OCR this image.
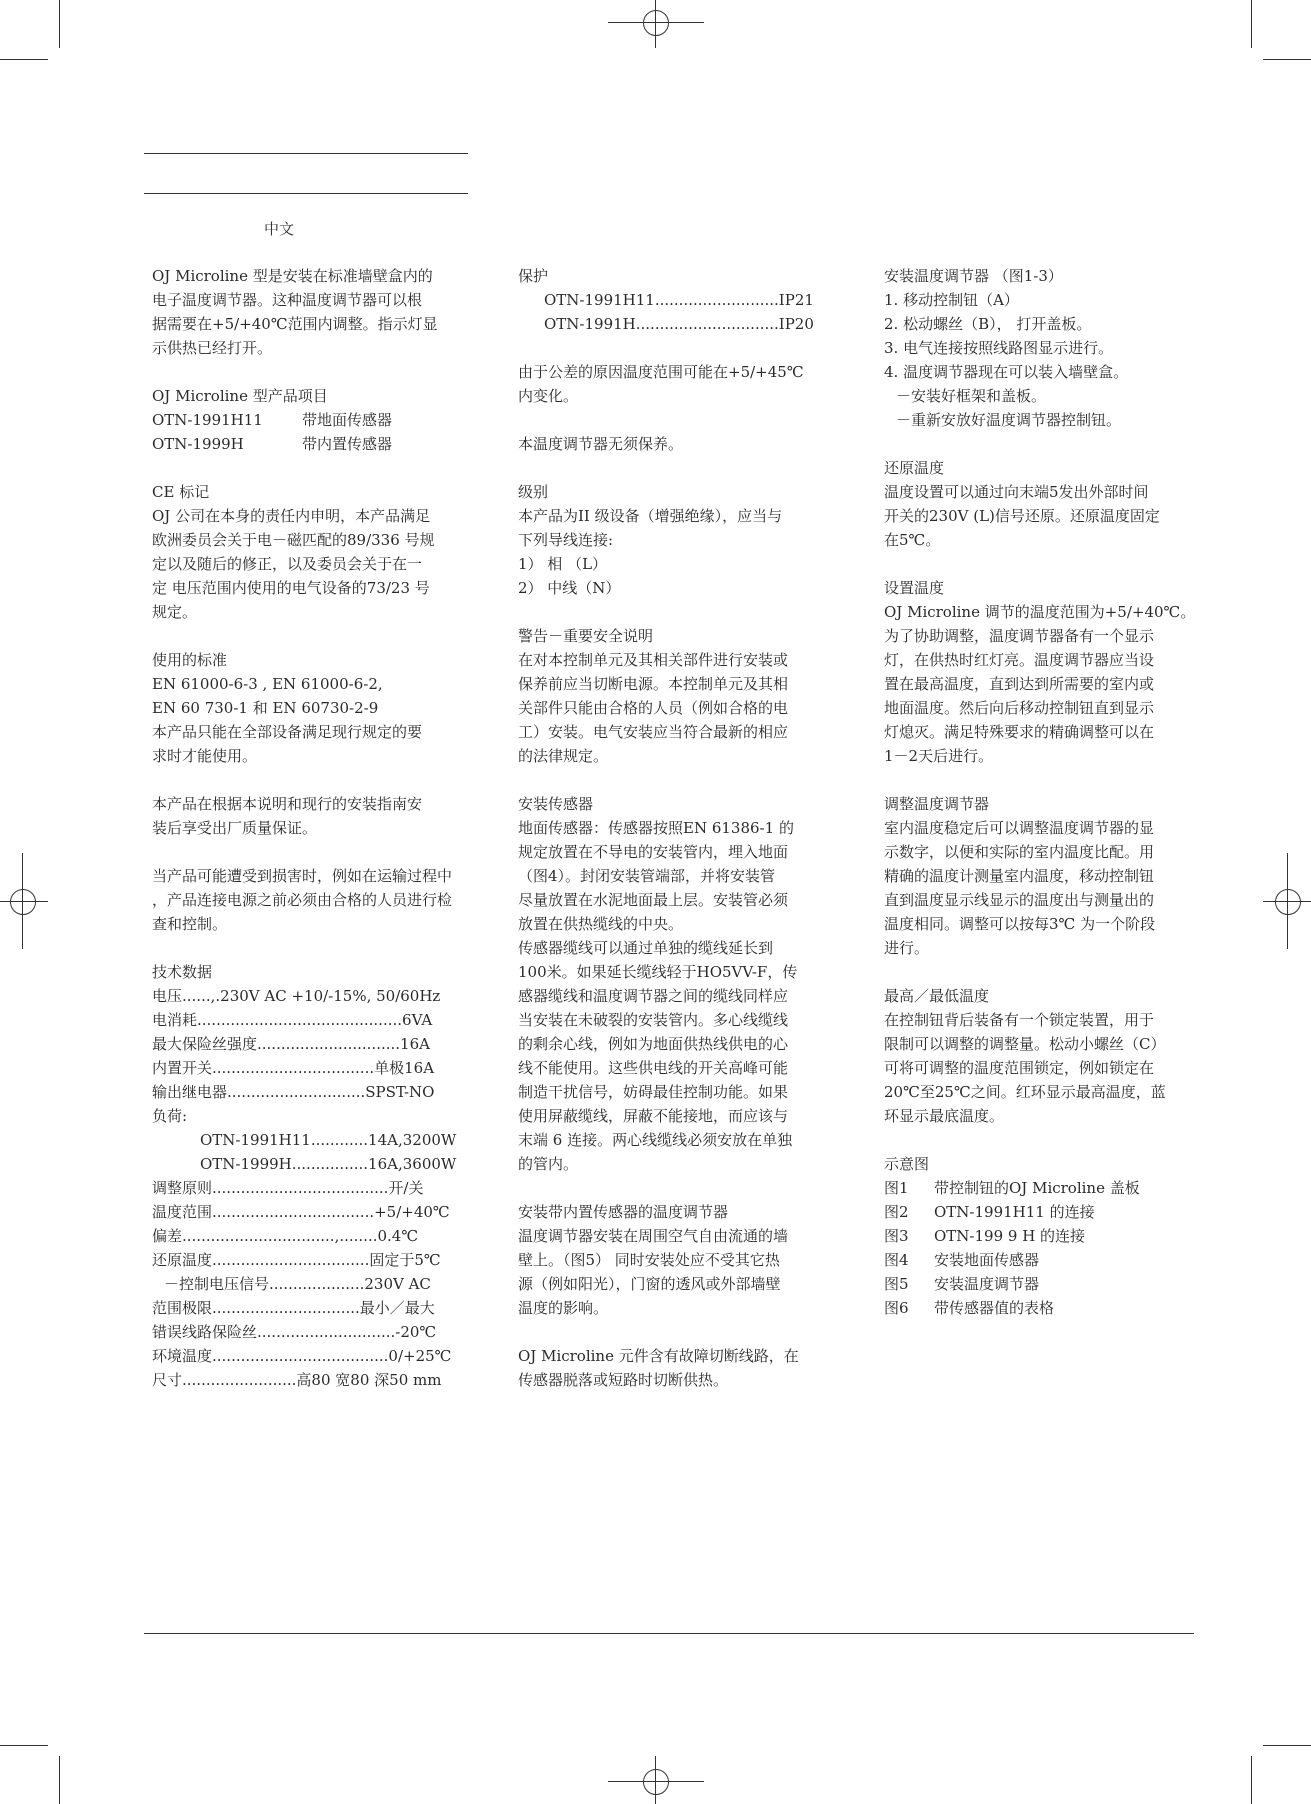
中文

OJ Microline 型是安装在标准墙壁盒内的

电子温度调节器。这种温度调节器可以根

据需要在+5/+40℃范围内调整。指示灯显

示供热已经打开。

OJ Microline 型产品项目

OTN-1991H11	带地面传感器
OTN-1999H	带内置传感器

CE 标记

OJ 公司在本身的责任内申明，本产品满足

欧洲委员会关于电－磁匹配的89/336 号规

定以及随后的修正，以及委员会关于在一

定 电压范围内使用的电气设备的73/23 号

规定。

使用的标准

EN 61000-6-3 , EN 61000-6-2,

EN 60 730-1 和 EN 60730-2-9

本产品只能在全部设备满足现行规定的要

求时才能使用。

本产品在根据本说明和现行的安装指南安

装后享受出厂质量保证。

当产品可能遭受到损害时，例如在运输过程中

，产品连接电源之前必须由合格的人员进行检

查和控制。

技术数据

电压......,.230V AC +10/-15%, 50/60Hz

电消耗...........................................6VA

最大保险丝强度..............................16A

内置开关..................................单极16A

输出继电器.............................SPST-NO

负荷:

OTN-1991H11............14A,3200W

OTN-1999H................16A,3600W

调整原则.....................................开/关

温度范围..................................+5/+40℃

偏差................................,........0.4℃

还原温度.................................固定于5℃

－控制电压信号....................230V AC

范围极限...............................最小／最大

错误线路保险丝.............................-20℃

环境温度.....................................0/+25℃

尺寸........................高80 宽80 深50 mm

保护

OTN-1991H11..........................IP21

OTN-1991H..............................IP20

由于公差的原因温度范围可能在+5/+45℃

内变化。

本温度调节器无须保养。

级别

本产品为II 级设备（增强绝缘），应当与

下列导线连接:

1） 相 （L）

2） 中线（N）

警告－重要安全说明

在对本控制单元及其相关部件进行安装或

保养前应当切断电源。本控制单元及其相

关部件只能由合格的人员（例如合格的电

工）安装。电气安装应当符合最新的相应

的法律规定。

安装传感器

地面传感器：传感器按照EN 61386-1 的

规定放置在不导电的安装管内，埋入地面

（图4）。封闭安装管端部，并将安装管

尽量放置在水泥地面最上层。安装管必须

放置在供热缆线的中央。

传感器缆线可以通过单独的缆线延长到

100米。如果延长缆线轻于HO5VV-F，传

感器缆线和温度调节器之间的缆线同样应

当安装在未破裂的安装管内。多心线缆线

的剩余心线，例如为地面供热线供电的心

线不能使用。这些供电线的开关高峰可能

制造干扰信号，妨碍最佳控制功能。如果

使用屏蔽缆线，屏蔽不能接地，而应该与

末端 6 连接。两心线缆线必须安放在单独

的管内。

安装带内置传感器的温度调节器

温度调节器安装在周围空气自由流通的墙

壁上。（图5） 同时安装处应不受其它热

源（例如阳光），门窗的透风或外部墙壁

温度的影响。

OJ Microline 元件含有故障切断线路，在

传感器脱落或短路时切断供热。

安装温度调节器 （图1-3）

1. 移动控制钮（A）

2. 松动螺丝（B）， 打开盖板。

3. 电气连接按照线路图显示进行。

4. 温度调节器现在可以装入墙壁盒。

－安装好框架和盖板。

－重新安放好温度调节器控制钮。

还原温度

温度设置可以通过向末端5发出外部时间

开关的230V (L)信号还原。还原温度固定

在5℃。

设置温度

OJ Microline 调节的温度范围为+5/+40℃。

为了协助调整，温度调节器备有一个显示

灯，在供热时红灯亮。温度调节器应当设

置在最高温度，直到达到所需要的室内或

地面温度。然后向后移动控制钮直到显示

灯熄灭。满足特殊要求的精确调整可以在

1－2天后进行。

调整温度调节器

室内温度稳定后可以调整温度调节器的显

示数字，以便和实际的室内温度比配。用

精确的温度计测量室内温度，移动控制钮

直到温度显示线显示的温度出与测量出的

温度相同。调整可以按每3℃ 为一个阶段

进行。

最高／最低温度

在控制钮背后装备有一个锁定装置，用于

限制可以调整的调整量。松动小螺丝（C）

可将可调整的温度范围锁定，例如锁定在

20℃至25℃之间。红环显示最高温度，蓝

环显示最底温度。

示意图

图1	带控制钮的OJ Microline 盖板
图2	OTN-1991H11 的连接
图3	OTN-199 9 H 的连接
图4	安装地面传感器
图5	安装温度调节器
图6	带传感器值的表格
